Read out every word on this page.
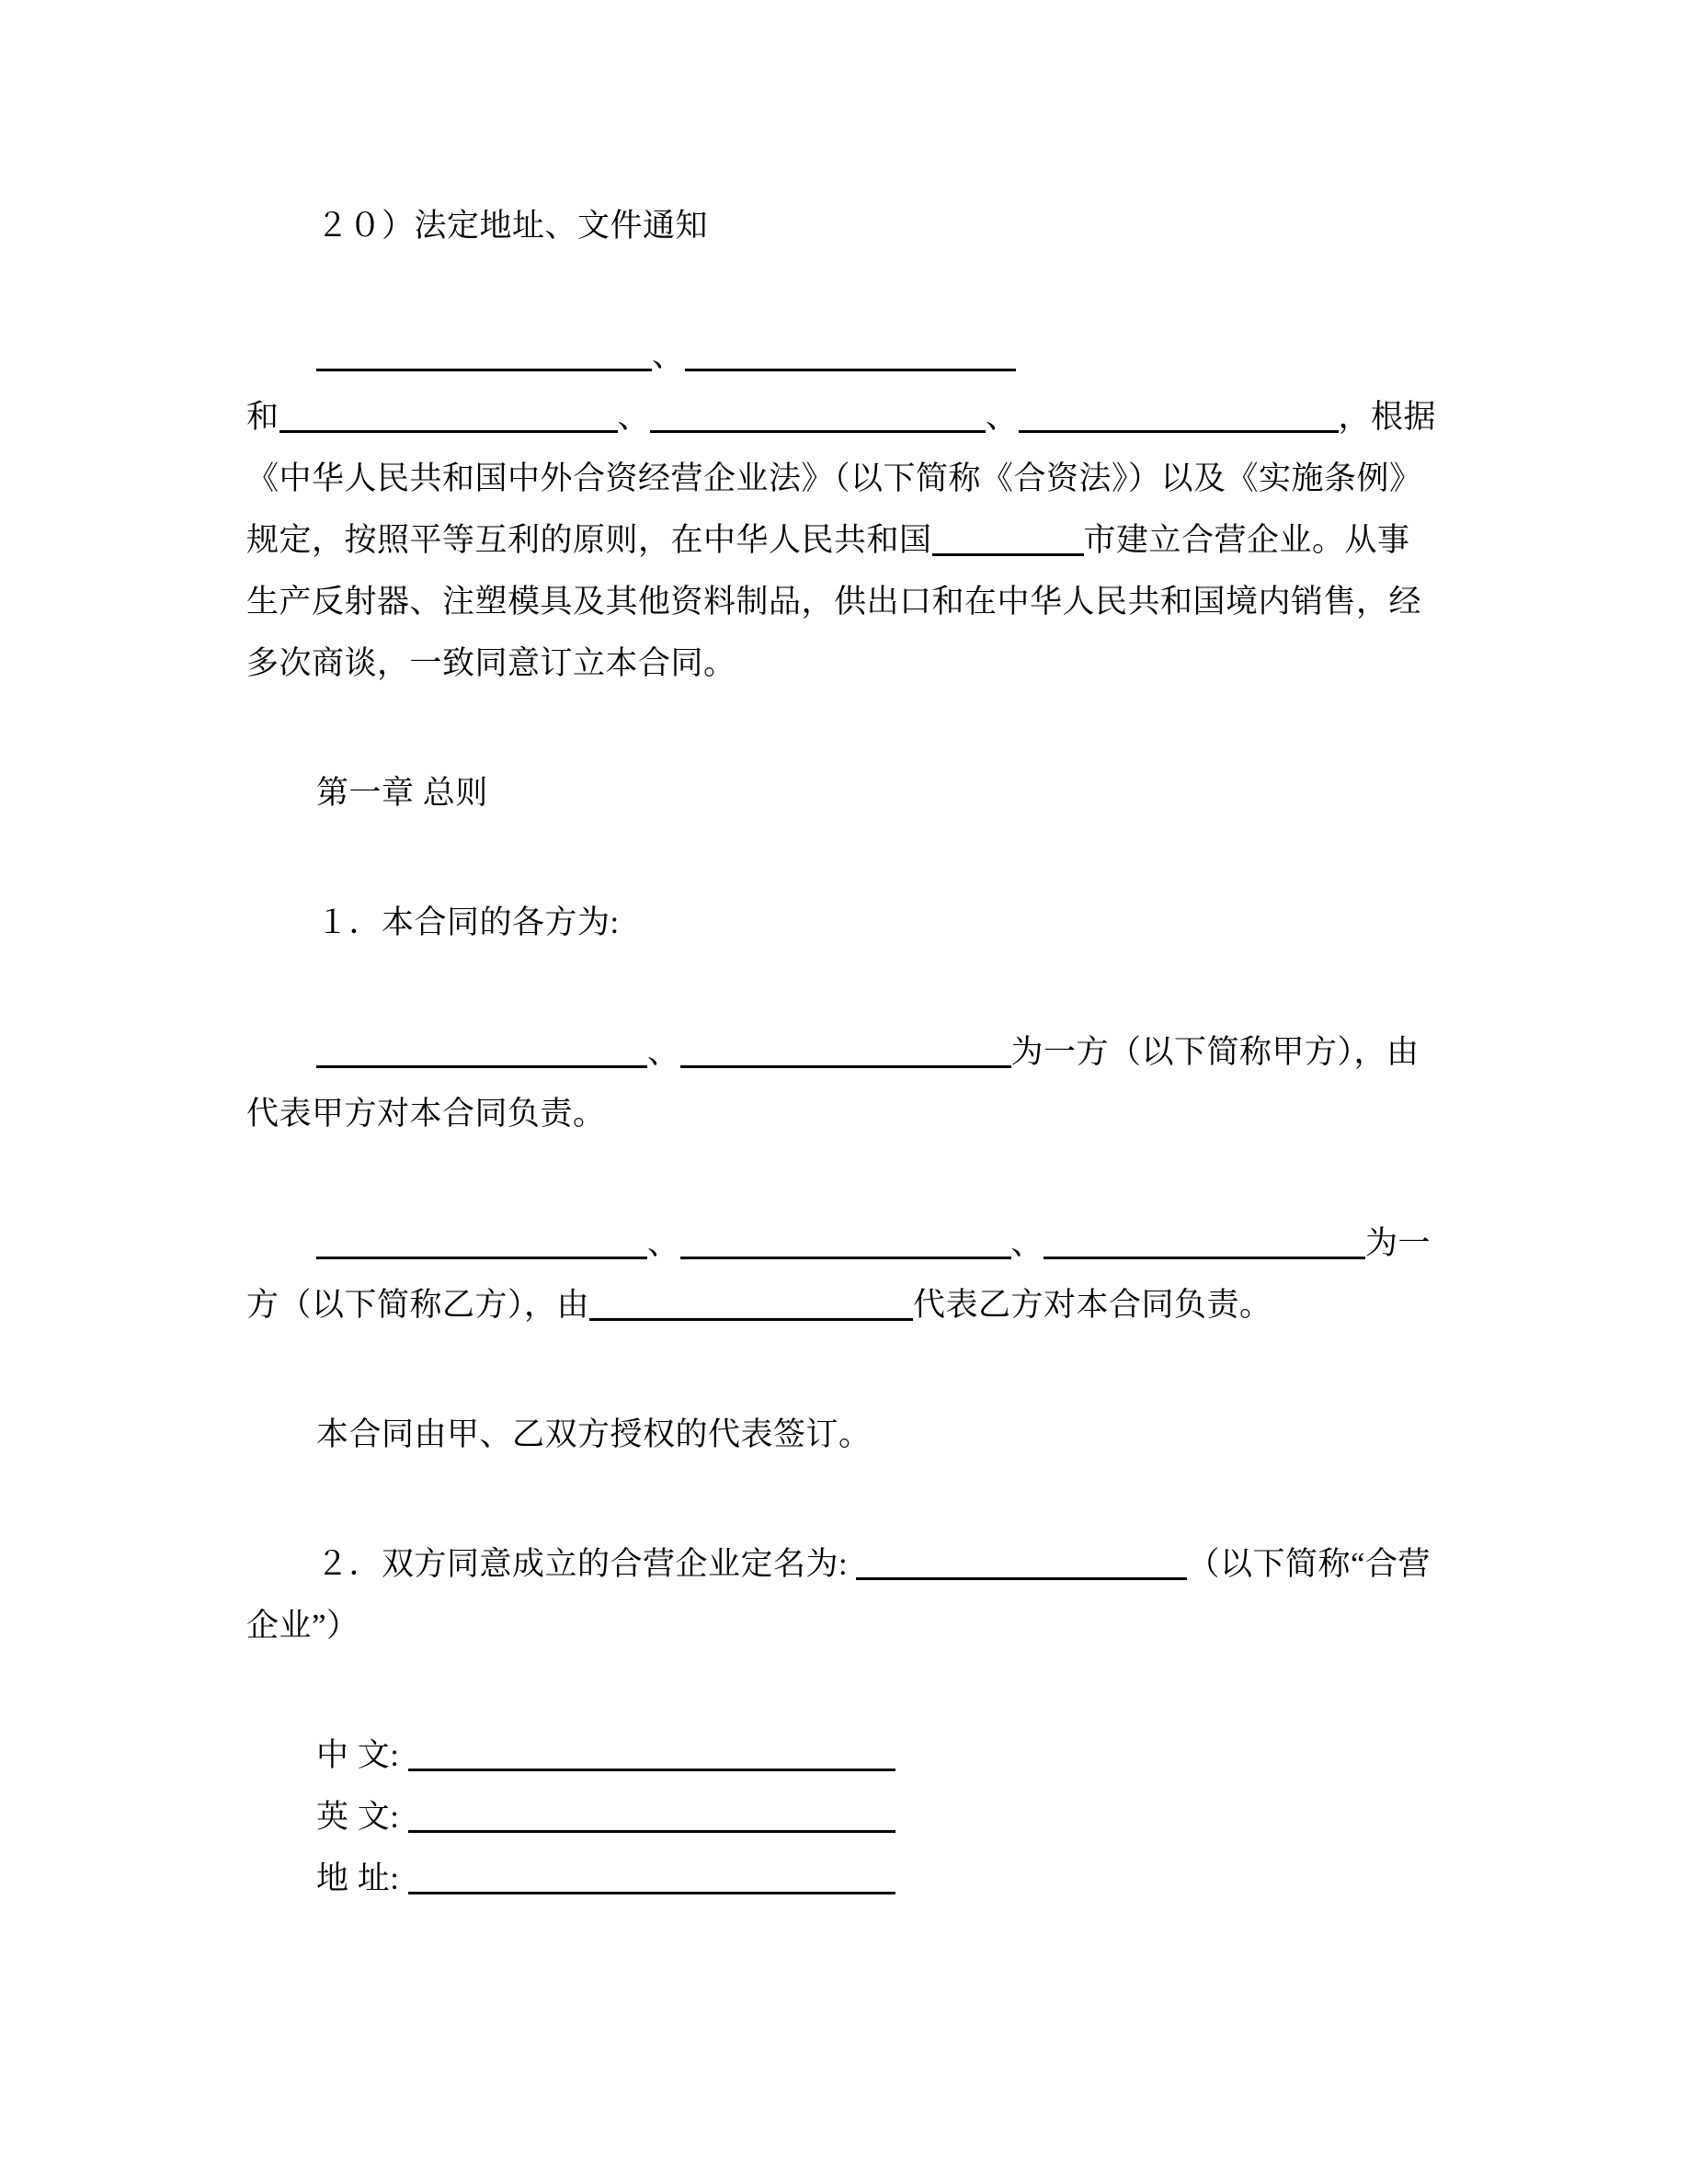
２０）法定地址、文件通知
、
和	、	、	，根据
《中华人民共和国中外合资经营企业法》（以下简称《合资法》）以及《实施条例》
规定，按照平等互利的原则，在中华人民共和国	市建立合营企业。从事
生产反射器、注塑模具及其他资料制品，供出口和在中华人民共和国境内销售，经
多次商谈，一致同意订立本合同。
第一章 总则
１．本合同的各方为:
、	为一方（以下简称甲方），由
代表甲方对本合同负责。
、	、	为一
方（以下简称乙方），由	代表乙方对本合同负责。
本合同由甲、乙双方授权的代表签订。
２．双方同意成立的合营企业定名为:	（以下简称“合营
企业”）
中 文:
英 文:
地 址:
